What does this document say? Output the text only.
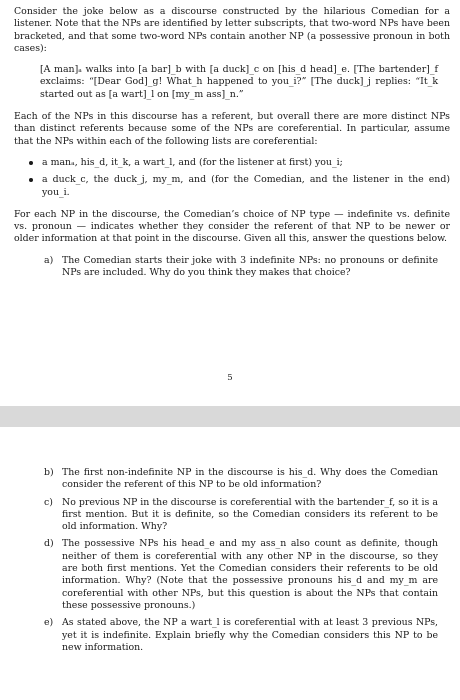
Consider the joke below as a discourse constructed by the hilarious Comedian for a listener. Note that the NPs are identified by letter subscripts, that two-word NPs have been bracketed, and that some two-word NPs contain another NP (a possessive pronoun in both cases):

[A man]ₐ walks into [a bar]_b with [a duck]_c on [his_d head]_e. [The bartender]_f exclaims: “[Dear God]_g! What_h happened to you_i?” [The duck]_j replies: “It_k started out as [a wart]_l on [my_m ass]_n.”

Each of the NPs in this discourse has a referent, but overall there are more distinct NPs than distinct referents because some of the NPs are coreferential. In particular, assume that the NPs within each of the following lists are coreferential:

a manₐ, his_d, it_k, a wart_l, and (for the listener at first) you_i;
a duck_c, the duck_j, my_m, and (for the Comedian, and the listener in the end) you_i.

For each NP in the discourse, the Comedian’s choice of NP type — indefinite vs. definite vs. pronoun — indicates whether they consider the referent of that NP to be newer or older information at that point in the discourse. Given all this, answer the questions below.

a) The Comedian starts their joke with 3 indefinite NPs: no pronouns or definite NPs are included. Why do you think they makes that choice?
5
b) The first non-indefinite NP in the discourse is his_d. Why does the Comedian consider the referent of this NP to be old information?
c) No previous NP in the discourse is coreferential with the bartender_f, so it is a first mention. But it is definite, so the Comedian considers its referent to be old information. Why?
d) The possessive NPs his head_e and my ass_n also count as definite, though neither of them is coreferential with any other NP in the discourse, so they are both first mentions. Yet the Comedian considers their referents to be old information. Why? (Note that the possessive pronouns his_d and my_m are coreferential with other NPs, but this question is about the NPs that contain these possessive pronouns.)
e) As stated above, the NP a wart_l is coreferential with at least 3 previous NPs, yet it is indefinite. Explain briefly why the Comedian considers this NP to be new information.
